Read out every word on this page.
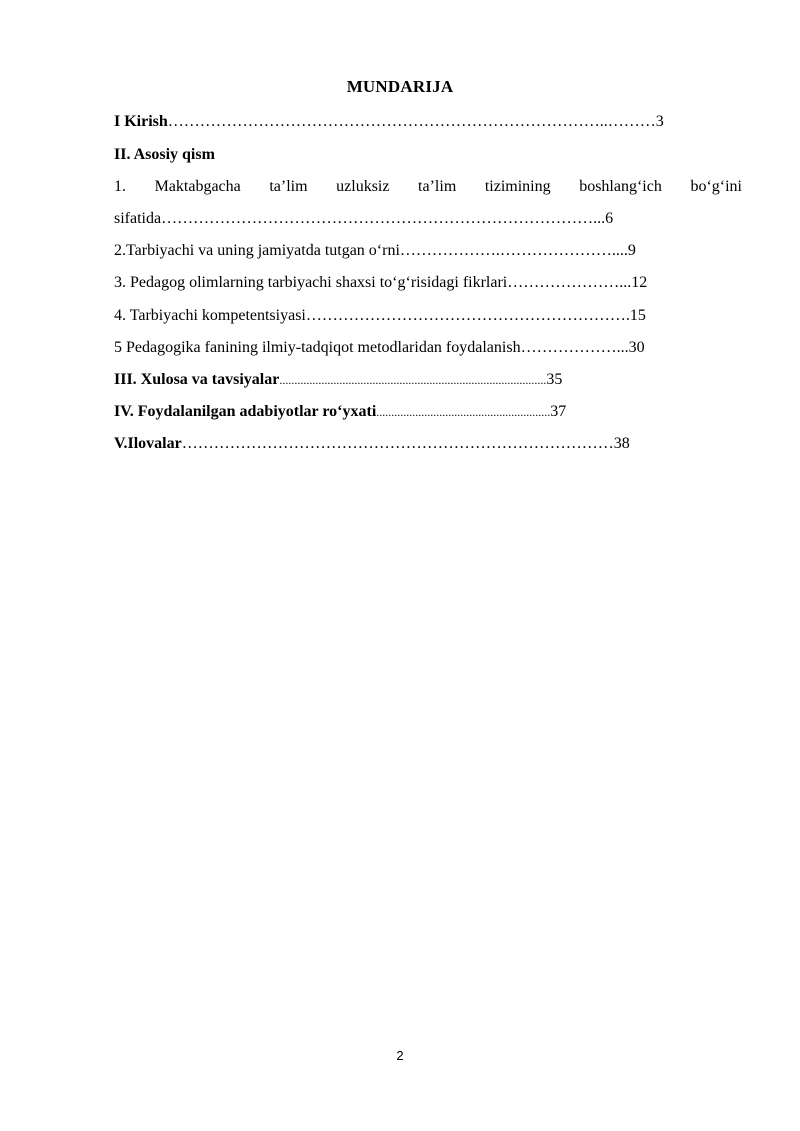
MUNDARIJA
I Kirish………………………………………………………………………..………3
II. Asosiy qism
1. Maktabgacha ta’lim uzluksiz ta’lim tizimining boshlang‘ich bo‘g‘ini
sifatida………………………………………………………………………...6
2.Tarbiyachi va uning jamiyatda tutgan o‘rni……………….…………………....9
3. Pedagog olimlarning tarbiyachi shaxsi to‘g‘risidagi fikrlari…………………...12
4. Tarbiyachi kompetentsiyasi…………………………………………………….15
5 Pedagogika fanining ilmiy-tadqiqot metodlaridan foydalanish………………...30
III. Xulosa va tavsiyalar.........................................................................................35
IV. Foydalanilgan adabiyotlar ro‘yxati..........................................................37
V.Ilovalar………………………………………………………………………38
2
